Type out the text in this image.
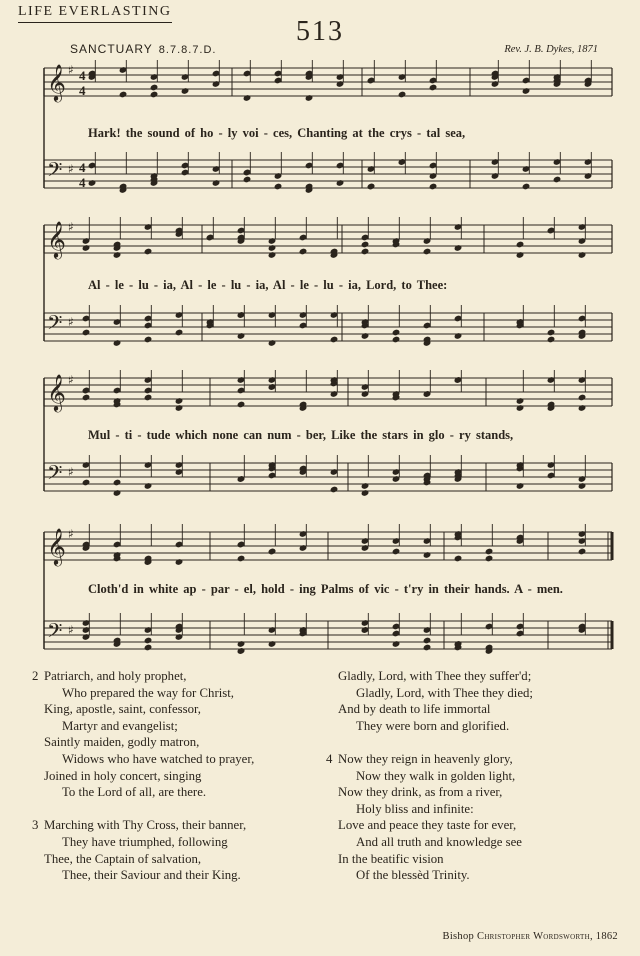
LIFE EVERLASTING
513
SANCTUARY 8.7.8.7.D.	Rev. J. B. Dykes, 1871
𝄞 ♯ 4
4
𝄢 ♯ 4
4
𝄞 ♯
𝄢 ♯
𝄞 ♯
𝄢 ♯
𝄞 ♯
𝄢 ♯
Hark! the sound of ho - ly voi - ces, Chanting at the crys - tal sea,
Al - le - lu - ia, Al - le - lu - ia, Al - le - lu - ia, Lord, to Thee:
Mul - ti - tude which none can num - ber, Like the stars in glo - ry stands,
Cloth'd in white ap - par - el, hold - ing Palms of vic - t'ry in their hands. A - men.
2 Patriarch, and holy prophet,
Who prepared the way for Christ,
King, apostle, saint, confessor,
Martyr and evangelist;
Saintly maiden, godly matron,
Widows who have watched to prayer,
Joined in holy concert, singing
To the Lord of all, are there.
3 Marching with Thy Cross, their banner,
They have triumphed, following
Thee, the Captain of salvation,
Thee, their Saviour and their King.
Gladly, Lord, with Thee they suffer'd;
Gladly, Lord, with Thee they died;
And by death to life immortal
They were born and glorified.
4 Now they reign in heavenly glory,
Now they walk in golden light,
Now they drink, as from a river,
Holy bliss and infinite:
Love and peace they taste for ever,
And all truth and knowledge see
In the beatific vision
Of the blessèd Trinity.
Bishop Christopher Wordsworth, 1862
